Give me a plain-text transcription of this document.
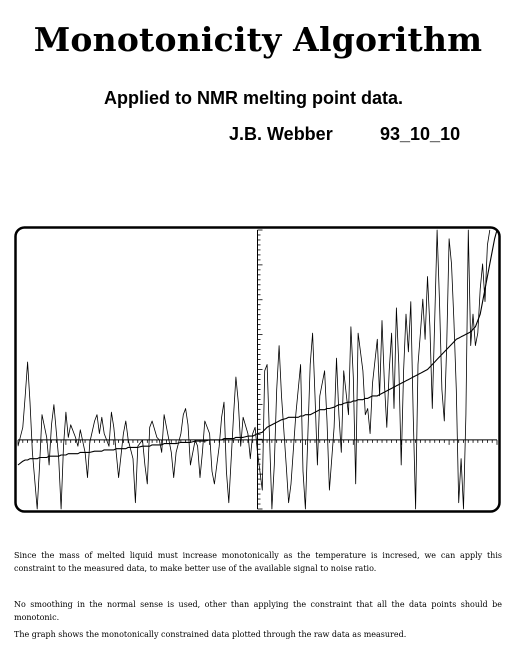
Monotonicity Algorithm
Applied to NMR melting point data.
J.B. Webber	93_10_10
Since the mass of melted liquid must increase monotonically as the temperature is incresed, we can apply this constraint to the measured data, to make better use of the available signal to noise ratio.
No smoothing in the normal sense is used, other than applying the constraint that all the data points should be monotonic.
The graph shows the monotonically constrained data plotted through the raw data as measured.
